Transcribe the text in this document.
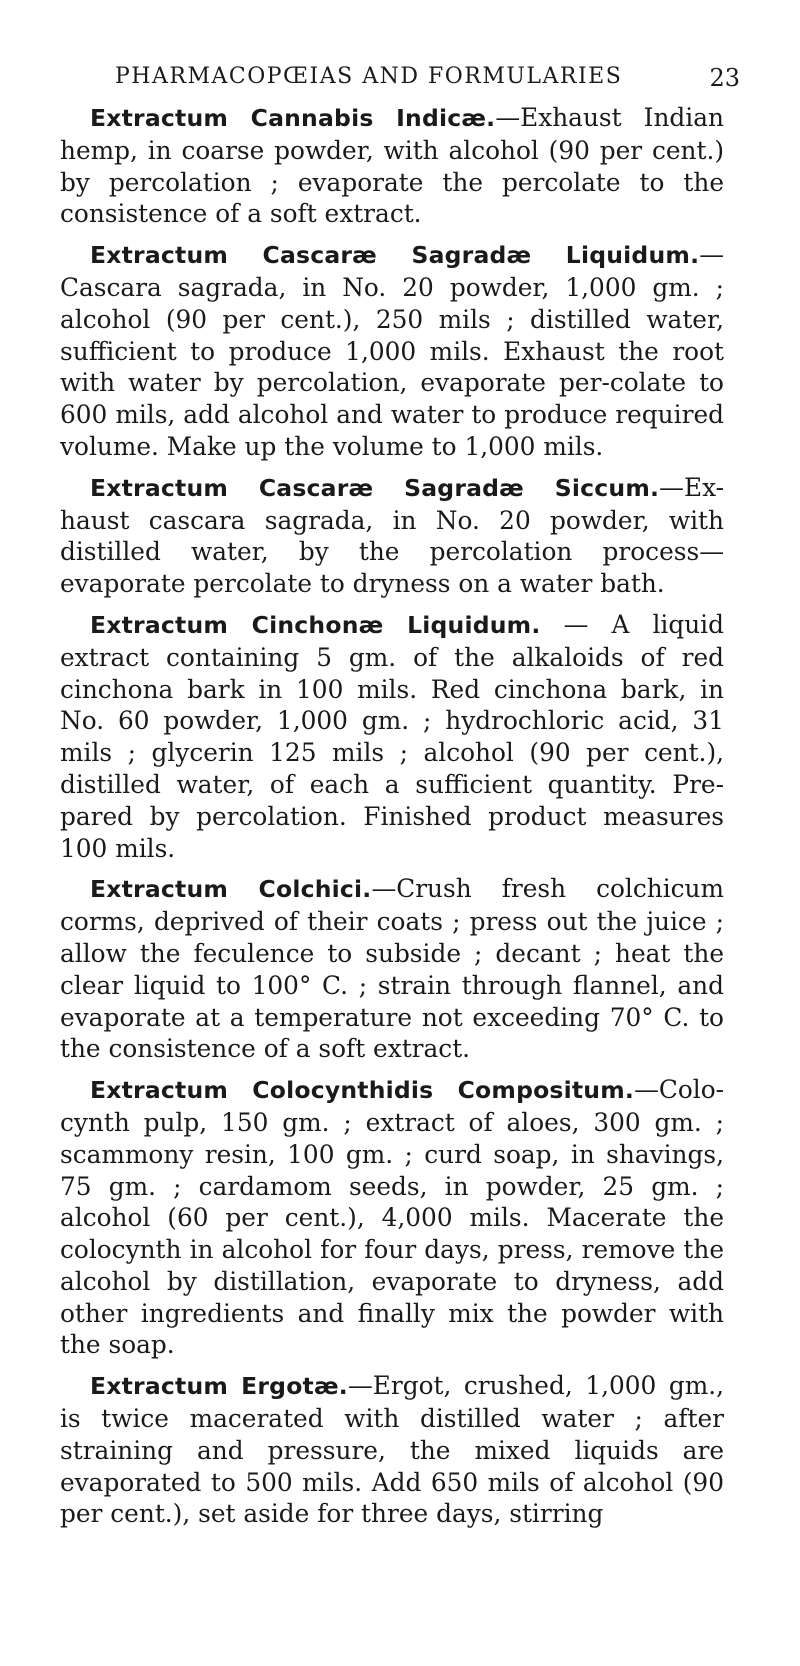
PHARMACOPŒIAS AND FORMULARIES	23

Extractum Cannabis Indicæ.—Exhaust Indian hemp, in coarse powder, with alcohol (90 per cent.) by percolation ; evaporate the percolate to the consistence of a soft extract.

Extractum Cascaræ Sagradæ Liquidum.—Cascara sagrada, in No. 20 powder, 1,000 gm. ; alcohol (90 per cent.), 250 mils ; distilled water, sufficient to produce 1,000 mils. Exhaust the root with water by percolation, evaporate per-colate to 600 mils, add alcohol and water to produce required volume. Make up the volume to 1,000 mils.

Extractum Cascaræ Sagradæ Siccum.—Ex-haust cascara sagrada, in No. 20 powder, with distilled water, by the percolation process— evaporate percolate to dryness on a water bath.

Extractum Cinchonæ Liquidum. — A liquid extract containing 5 gm. of the alkaloids of red cinchona bark in 100 mils. Red cinchona bark, in No. 60 powder, 1,000 gm. ; hydrochloric acid, 31 mils ; glycerin 125 mils ; alcohol (90 per cent.), distilled water, of each a sufficient quantity. Pre-pared by percolation. Finished product measures 100 mils.

Extractum Colchici.—Crush fresh colchicum corms, deprived of their coats ; press out the juice ; allow the feculence to subside ; decant ; heat the clear liquid to 100° C. ; strain through flannel, and evaporate at a temperature not exceeding 70° C. to the consistence of a soft extract.

Extractum Colocynthidis Compositum.—Colo-cynth pulp, 150 gm. ; extract of aloes, 300 gm. ; scammony resin, 100 gm. ; curd soap, in shavings, 75 gm. ; cardamom seeds, in powder, 25 gm. ; alcohol (60 per cent.), 4,000 mils. Macerate the colocynth in alcohol for four days, press, remove the alcohol by distillation, evaporate to dryness, add other ingredients and finally mix the powder with the soap.

Extractum Ergotæ.—Ergot, crushed, 1,000 gm., is twice macerated with distilled water ; after straining and pressure, the mixed liquids are evaporated to 500 mils. Add 650 mils of alcohol (90 per cent.), set aside for three days, stirring
